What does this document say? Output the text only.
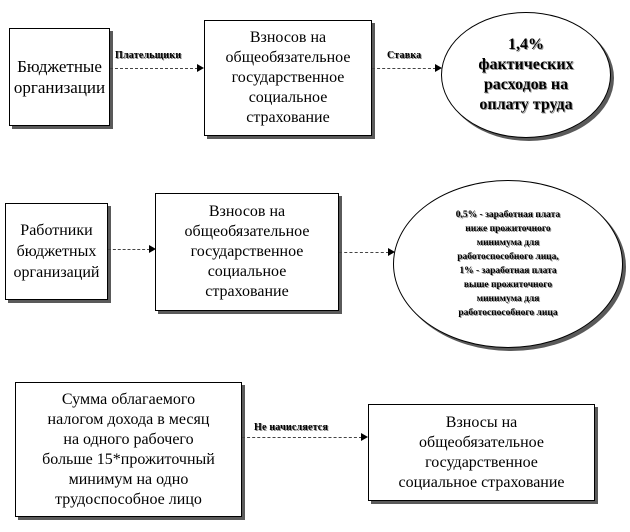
Бюджетные
организации
Плательщики
Взносов на
общеобязательное
государственное
социальное
страхование
Ставка
1,4%
фактических
расходов на
оплату труда
Работники
бюджетных
организаций
Взносов на
общеобязательное
государственное
социальное
страхование
0,5% - заработная плата
ниже прожиточного
минимума для
работоспособного лица,
1% - заработная плата
выше прожиточного
минимума для
работоспособного лица
Сумма облагаемого
налогом дохода в месяц
на одного рабочего
больше 15*прожиточный
минимум на одно
трудоспособное лицо
Не начисляется	Взносы на
общеобязательное
государственное
социальное страхование
